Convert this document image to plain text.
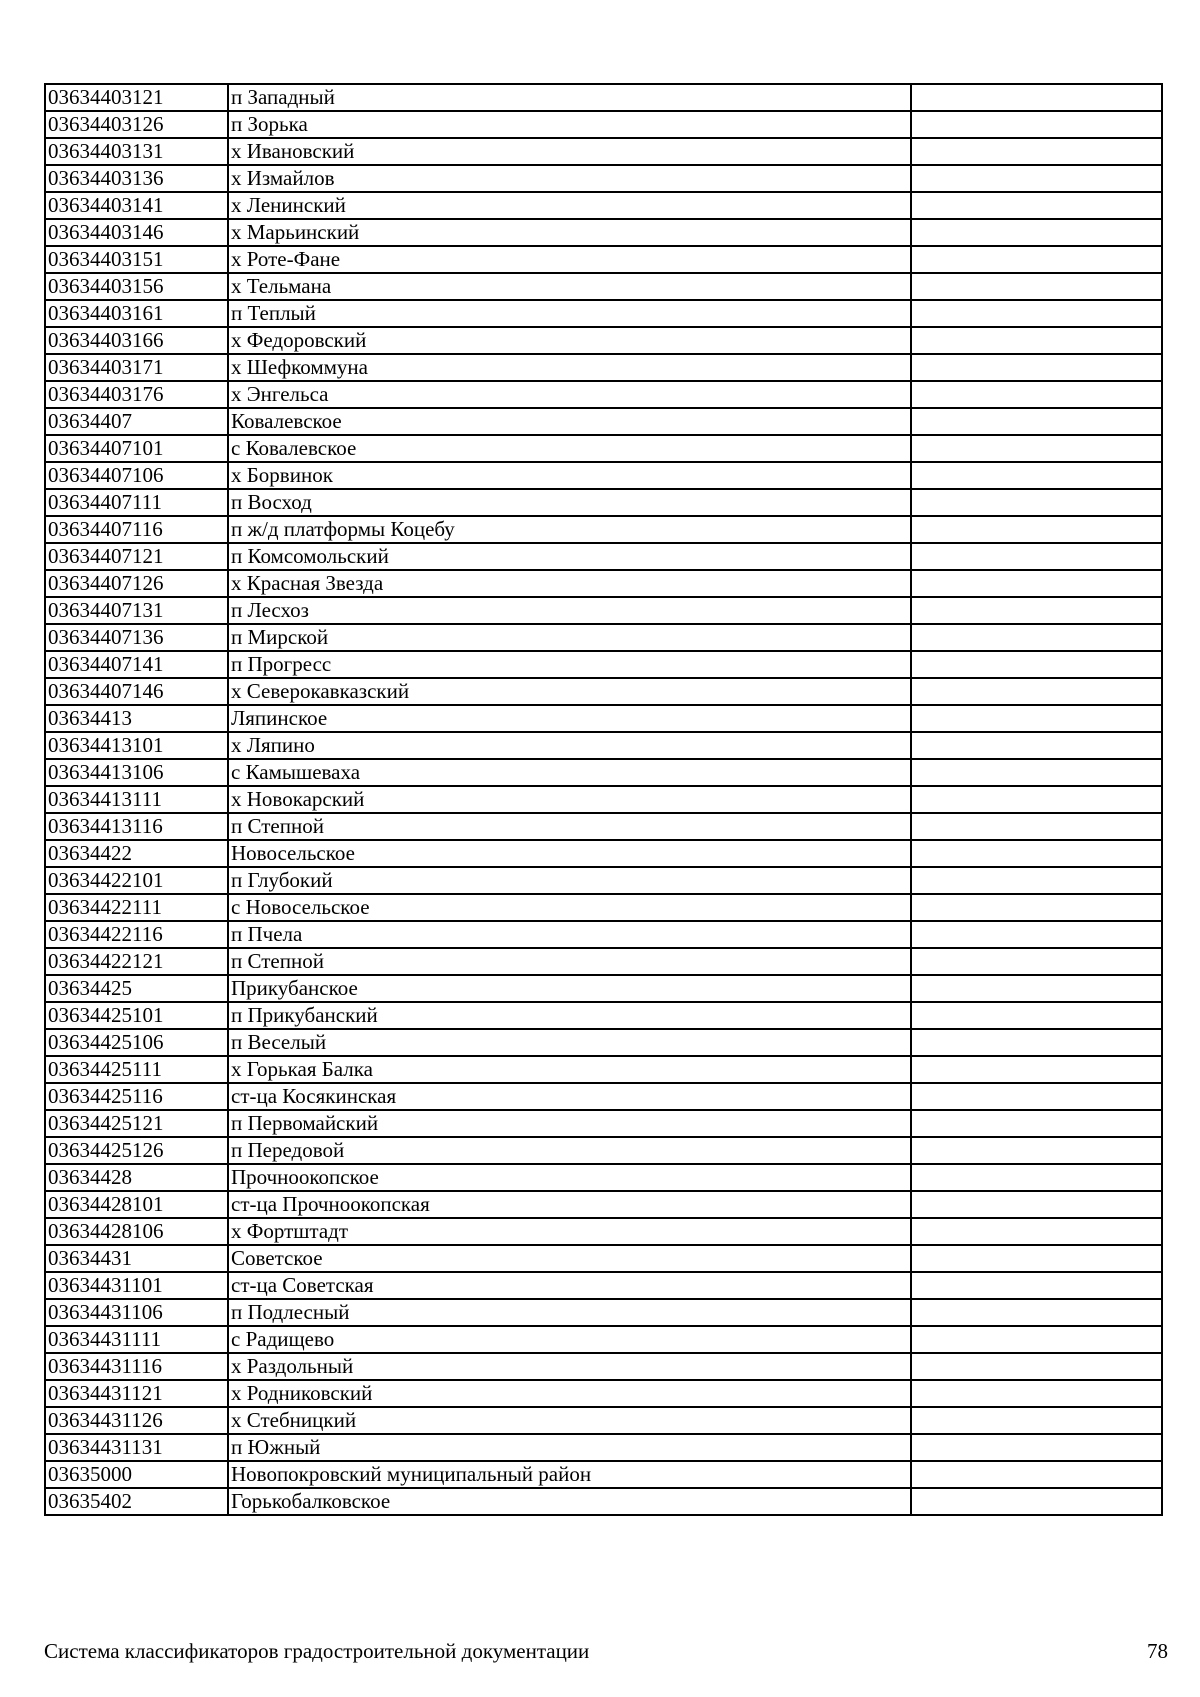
03634403121	п Западный	
03634403126	п Зорька	
03634403131	х Ивановский	
03634403136	х Измайлов	
03634403141	х Ленинский	
03634403146	х Марьинский	
03634403151	х Роте-Фане	
03634403156	х Тельмана	
03634403161	п Теплый	
03634403166	х Федоровский	
03634403171	х Шефкоммуна	
03634403176	х Энгельса	
03634407	Ковалевское	
03634407101	с Ковалевское	
03634407106	х Борвинок	
03634407111	п Восход	
03634407116	п ж/д платформы Коцебу	
03634407121	п Комсомольский	
03634407126	х Красная Звезда	
03634407131	п Лесхоз	
03634407136	п Мирской	
03634407141	п Прогресс	
03634407146	х Северокавказский	
03634413	Ляпинское	
03634413101	х Ляпино	
03634413106	с Камышеваха	
03634413111	х Новокарский	
03634413116	п Степной	
03634422	Новосельское	
03634422101	п Глубокий	
03634422111	с Новосельское	
03634422116	п Пчела	
03634422121	п Степной	
03634425	Прикубанское	
03634425101	п Прикубанский	
03634425106	п Веселый	
03634425111	х Горькая Балка	
03634425116	ст-ца Косякинская	
03634425121	п Первомайский	
03634425126	п Передовой	
03634428	Прочноокопское	
03634428101	ст-ца Прочноокопская	
03634428106	х Фортштадт	
03634431	Советское	
03634431101	ст-ца Советская	
03634431106	п Подлесный	
03634431111	с Радищево	
03634431116	х Раздольный	
03634431121	х Родниковский	
03634431126	х Стебницкий	
03634431131	п Южный	
03635000	Новопокровский муниципальный район	
03635402	Горькобалковское	
Система классификаторов градостроительной документации	78
